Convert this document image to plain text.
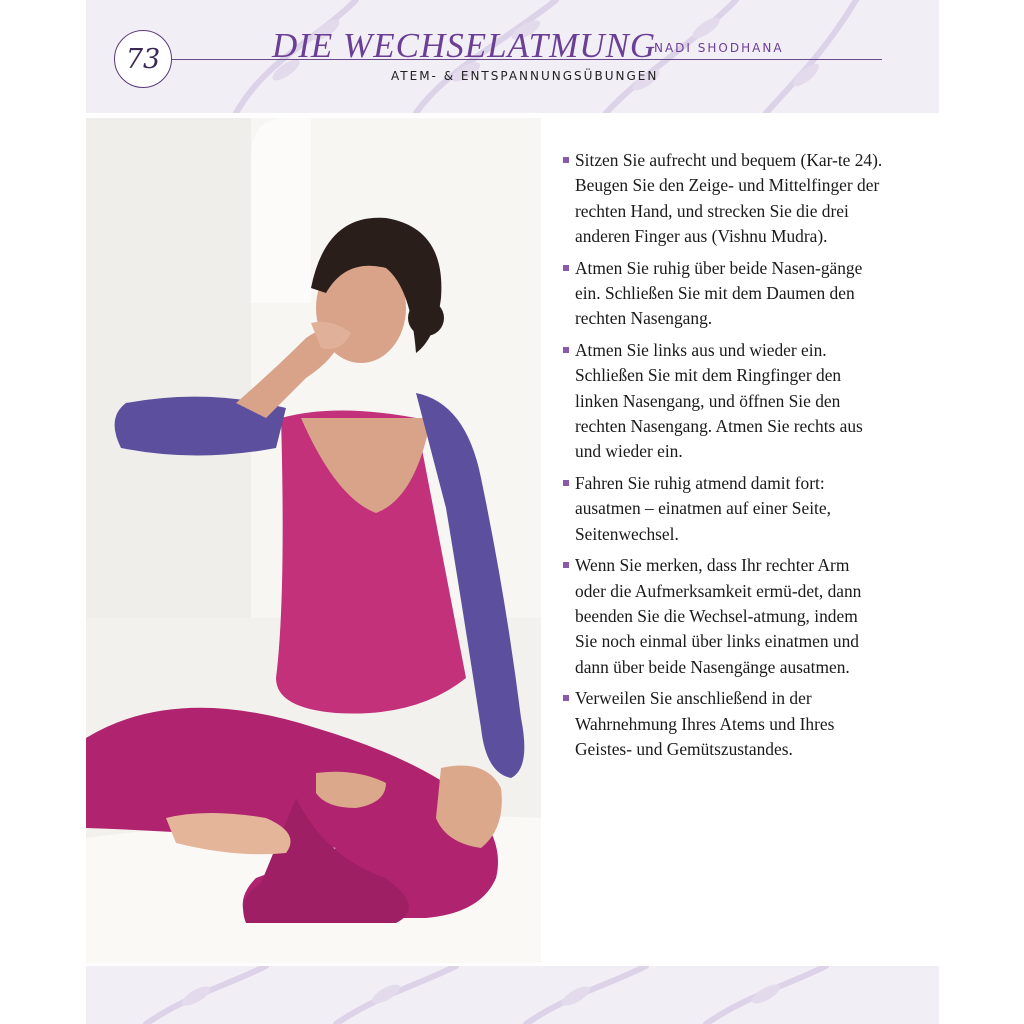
73	DIE WECHSELATMUNG
NADI SHODHANA
ATEM- & ENTSPANNUNGSÜBUNGEN
Sitzen Sie aufrecht und bequem (Kar-te 24). Beugen Sie den Zeige- und Mittelfinger der rechten Hand, und strecken Sie die drei anderen Finger aus (Vishnu Mudra).
Atmen Sie ruhig über beide Nasen-gänge ein. Schließen Sie mit dem Daumen den rechten Nasengang.
Atmen Sie links aus und wieder ein. Schließen Sie mit dem Ringfinger den linken Nasengang, und öffnen Sie den rechten Nasengang. Atmen Sie rechts aus und wieder ein.
Fahren Sie ruhig atmend damit fort: ausatmen – einatmen auf einer Seite, Seitenwechsel.
Wenn Sie merken, dass Ihr rechter Arm oder die Aufmerksamkeit ermü-det, dann beenden Sie die Wechsel-atmung, indem Sie noch einmal über links einatmen und dann über beide Nasengänge ausatmen.
Verweilen Sie anschließend in der Wahrnehmung Ihres Atems und Ihres Geistes- und Gemütszustandes.
